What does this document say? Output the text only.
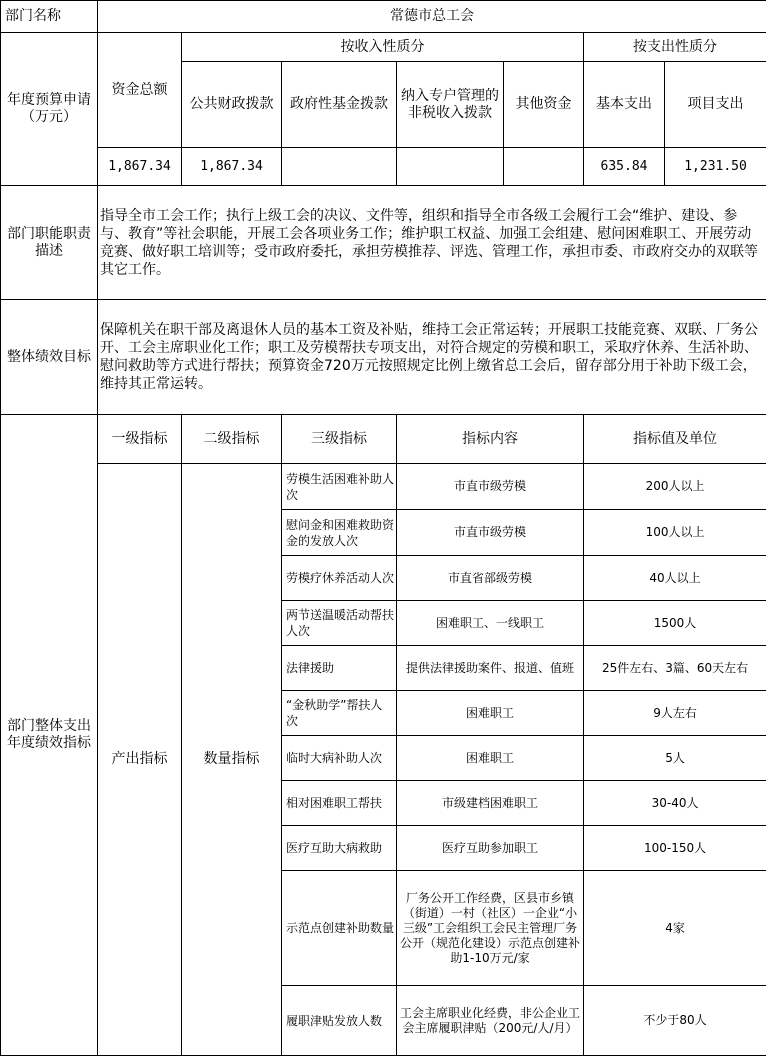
部门名称	常德市总工会						
年度预算申请（万元）	资金总额	按收入性质分				按支出性质分	
		公共财政拨款	政府性基金拨款	纳入专户管理的非税收入拨款	其他资金	基本支出	项目支出
	1,867.34	1,867.34				635.84	1,231.50
部门职能职责描述	指导全市工会工作；执行上级工会的决议、文件等，组织和指导全市各级工会履行工会“维护、建设、参与、教育”等社会职能，开展工会各项业务工作；维护职工权益、加强工会组建、慰问困难职工、开展劳动竞赛、做好职工培训等；受市政府委托，承担劳模推荐、评选、管理工作，承担市委、市政府交办的双联等其它工作。						
整体绩效目标	保障机关在职干部及离退休人员的基本工资及补贴，维持工会正常运转；开展职工技能竞赛、双联、厂务公开、工会主席职业化工作；职工及劳模帮扶专项支出，对符合规定的劳模和职工，采取疗休养、生活补助、慰问救助等方式进行帮扶；预算资金720万元按照规定比例上缴省总工会后，留存部分用于补助下级工会，维持其正常运转。						
部门整体支出年度绩效指标	一级指标	二级指标	三级指标	指标内容		指标值及单位	
	产出指标	数量指标	劳模生活困难补助人次	市直市级劳模		200人以上	
			慰问金和困难救助资金的发放人次	市直市级劳模		100人以上	
			劳模疗休养活动人次	市直省部级劳模		40人以上	
			两节送温暖活动帮扶人次	困难职工、一线职工		1500人	
			法律援助	提供法律援助案件、报道、值班		25件左右、3篇、60天左右	
			“金秋助学”帮扶人次	困难职工		9人左右	
			临时大病补助人次	困难职工		5人	
			相对困难职工帮扶	市级建档困难职工		30-40人	
			医疗互助大病救助	医疗互助参加职工		100-150人	
			示范点创建补助数量	厂务公开工作经费，区县市乡镇（街道）一村（社区）一企业“小三级”工会组织工会民主管理厂务公开（规范化建设）示范点创建补助1-10万元/家		4家	
			履职津贴发放人数	工会主席职业化经费，非公企业工会主席履职津贴（200元/人/月）		不少于80人	
